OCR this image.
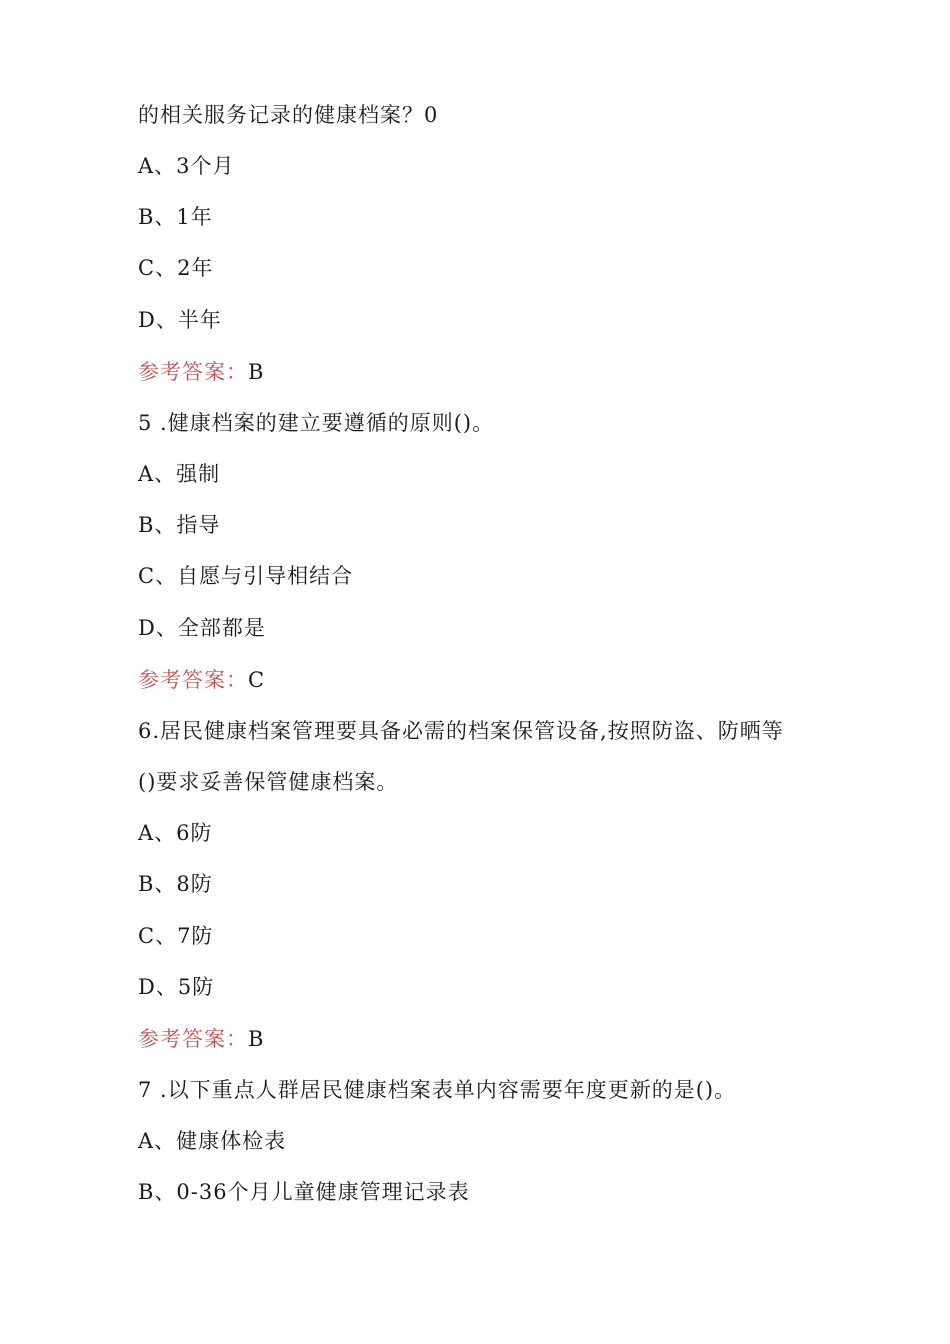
的相关服务记录的健康档案？0
A、3个月
B、1年
C、2年
D、半年
参考答案：B
5 .健康档案的建立要遵循的原则()。
A、强制
B、指导
C、自愿与引导相结合
D、全部都是
参考答案：C
6.居民健康档案管理要具备必需的档案保管设备,按照防盗、防晒等
()要求妥善保管健康档案。
A、6防
B、8防
C、7防
D、5防
参考答案：B
7 .以下重点人群居民健康档案表单内容需要年度更新的是()。
A、健康体检表
B、0-36个月儿童健康管理记录表
